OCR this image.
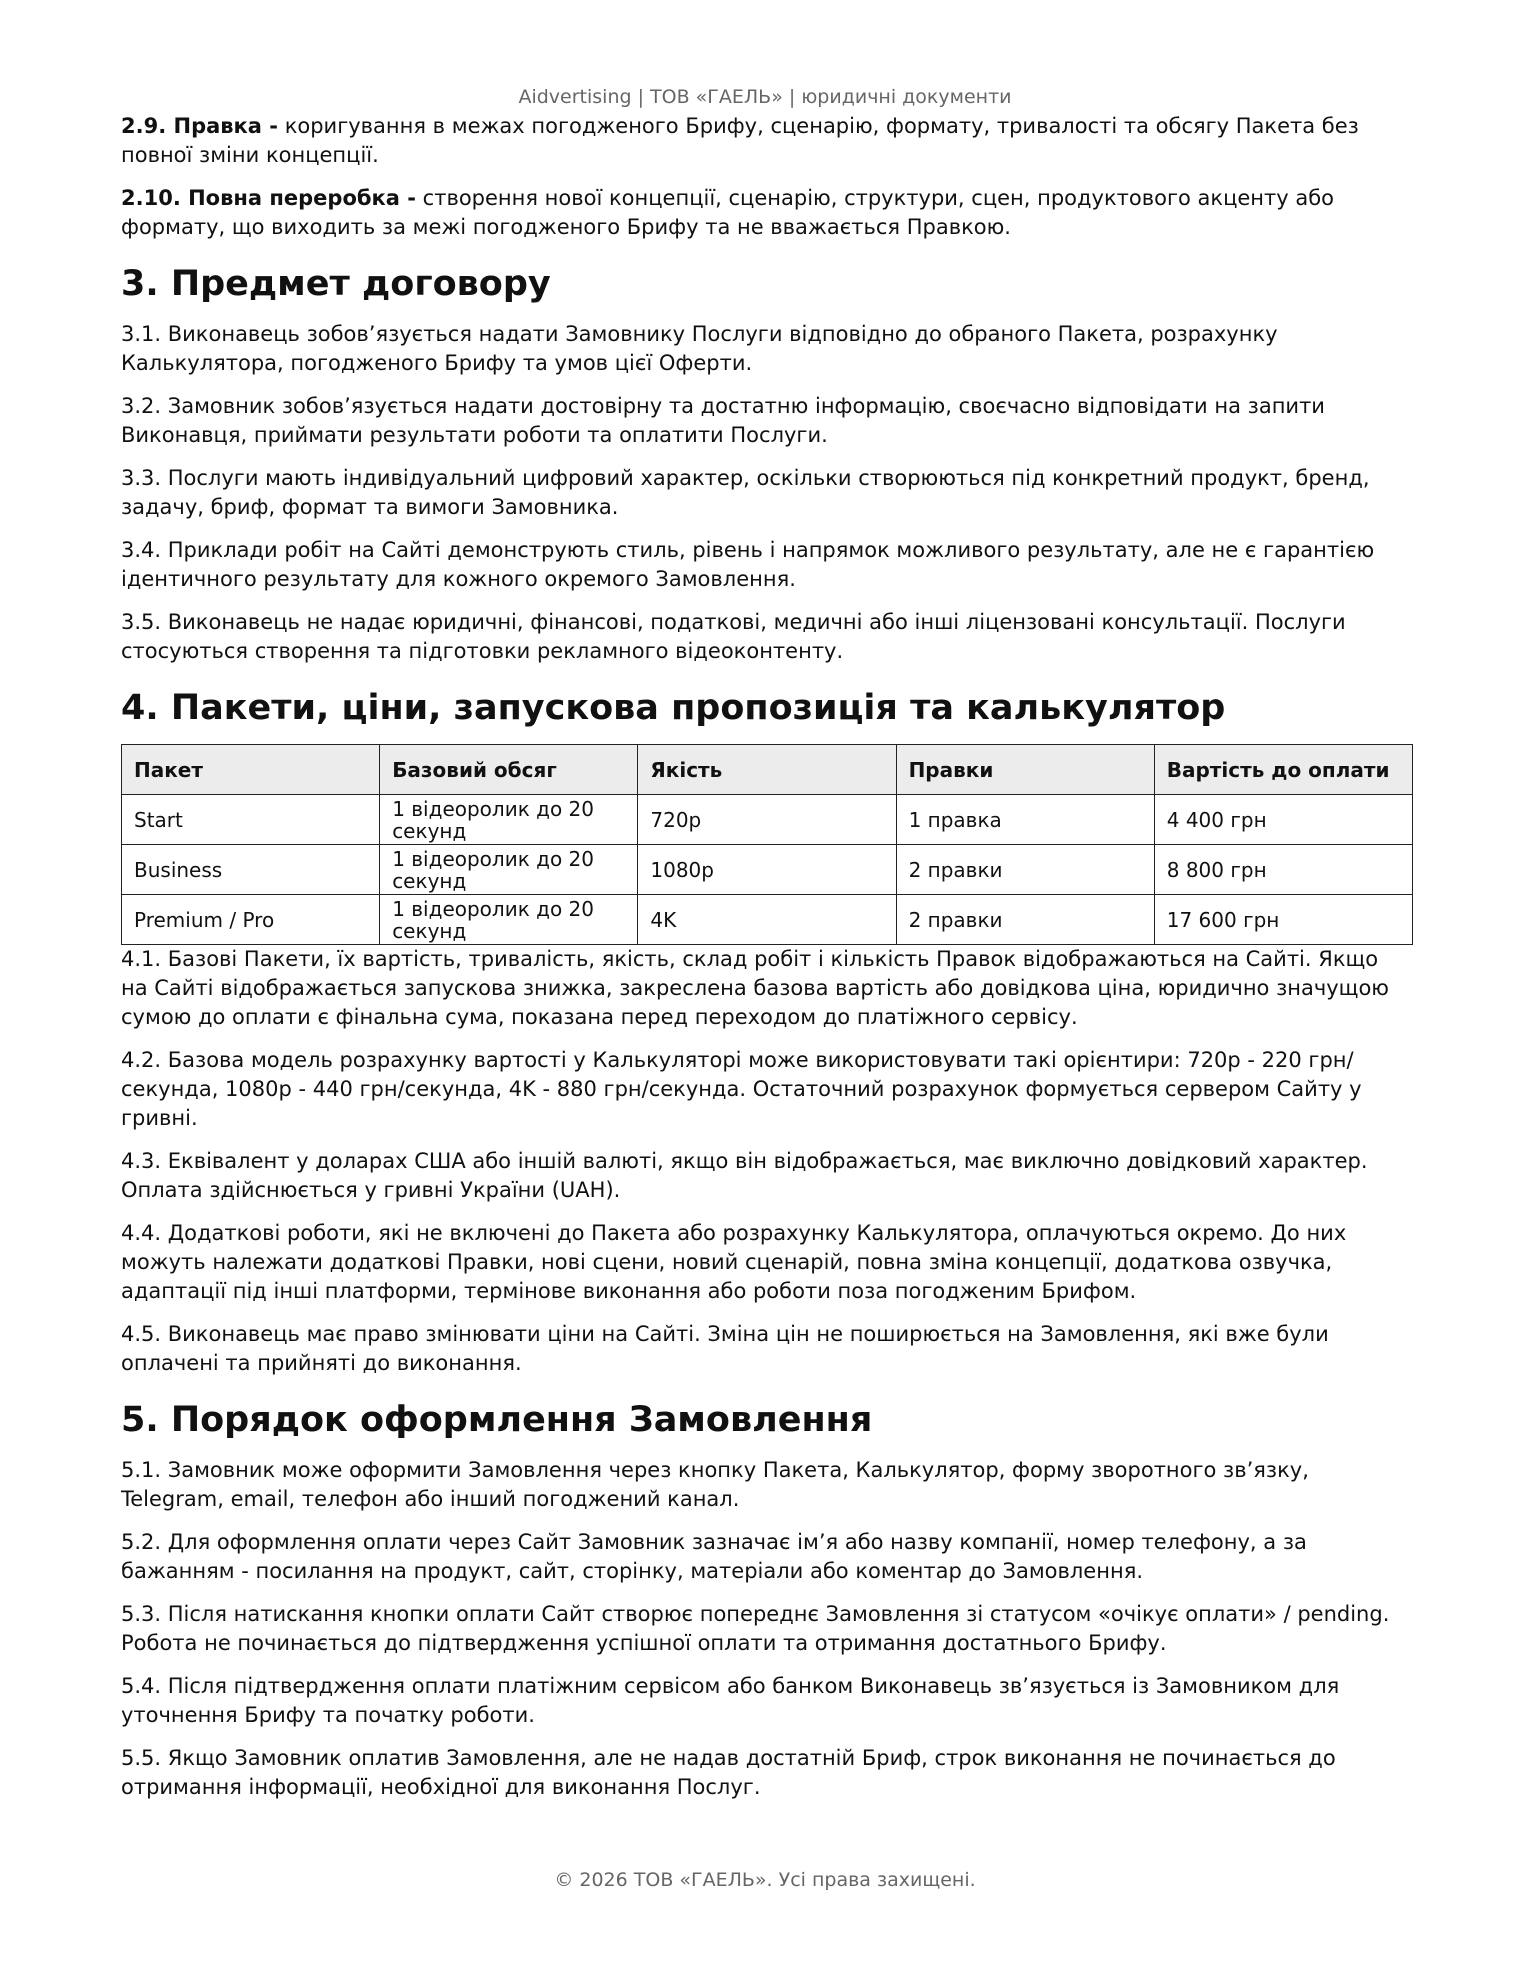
Aidvertising | ТОВ «ГАЕЛЬ» | юридичні документи

2.9. Правка - коригування в межах погодженого Брифу, сценарію, формату, тривалості та обсягу Пакета без повної зміни концепції.

2.10. Повна переробка - створення нової концепції, сценарію, структури, сцен, продуктового акценту або формату, що виходить за межі погодженого Брифу та не вважається Правкою.

3. Предмет договору

3.1. Виконавець зобов’язується надати Замовнику Послуги відповідно до обраного Пакета, розрахунку Калькулятора, погодженого Брифу та умов цієї Оферти.

3.2. Замовник зобов’язується надати достовірну та достатню інформацію, своєчасно відповідати на запити Виконавця, приймати результати роботи та оплатити Послуги.

3.3. Послуги мають індивідуальний цифровий характер, оскільки створюються під конкретний продукт, бренд, задачу, бриф, формат та вимоги Замовника.

3.4. Приклади робіт на Сайті демонструють стиль, рівень і напрямок можливого результату, але не є гарантією ідентичного результату для кожного окремого Замовлення.

3.5. Виконавець не надає юридичні, фінансові, податкові, медичні або інші ліцензовані консультації. Послуги стосуються створення та підготовки рекламного відеоконтенту.

4. Пакети, ціни, запускова пропозиція та калькулятор
Пакет	Базовий обсяг	Якість	Правки	Вартість до оплати
Start	1 відеоролик до 20 секунд	720p	1 правка	4 400 грн
Business	1 відеоролик до 20 секунд	1080p	2 правки	8 800 грн
Premium / Pro	1 відеоролик до 20 секунд	4K	2 правки	17 600 грн

4.1. Базові Пакети, їх вартість, тривалість, якість, склад робіт і кількість Правок відображаються на Сайті. Якщо на Сайті відображається запускова знижка, закреслена базова вартість або довідкова ціна, юридично значущою сумою до оплати є фінальна сума, показана перед переходом до платіжного сервісу.

4.2. Базова модель розрахунку вартості у Калькуляторі може використовувати такі орієнтири: 720p - 220 грн/секунда, 1080p - 440 грн/секунда, 4K - 880 грн/секунда. Остаточний розрахунок формується сервером Сайту у гривні.

4.3. Еквівалент у доларах США або іншій валюті, якщо він відображається, має виключно довідковий характер. Оплата здійснюється у гривні України (UAH).

4.4. Додаткові роботи, які не включені до Пакета або розрахунку Калькулятора, оплачуються окремо. До них можуть належати додаткові Правки, нові сцени, новий сценарій, повна зміна концепції, додаткова озвучка, адаптації під інші платформи, термінове виконання або роботи поза погодженим Брифом.

4.5. Виконавець має право змінювати ціни на Сайті. Зміна цін не поширюється на Замовлення, які вже були оплачені та прийняті до виконання.

5. Порядок оформлення Замовлення

5.1. Замовник може оформити Замовлення через кнопку Пакета, Калькулятор, форму зворотного зв’язку, Telegram, email, телефон або інший погоджений канал.

5.2. Для оформлення оплати через Сайт Замовник зазначає ім’я або назву компанії, номер телефону, а за бажанням - посилання на продукт, сайт, сторінку, матеріали або коментар до Замовлення.

5.3. Після натискання кнопки оплати Сайт створює попереднє Замовлення зі статусом «очікує оплати» / pending. Робота не починається до підтвердження успішної оплати та отримання достатнього Брифу.

5.4. Після підтвердження оплати платіжним сервісом або банком Виконавець зв’язується із Замовником для уточнення Брифу та початку роботи.

5.5. Якщо Замовник оплатив Замовлення, але не надав достатній Бриф, строк виконання не починається до отримання інформації, необхідної для виконання Послуг.

© 2026 ТОВ «ГАЕЛЬ». Усі права захищені.
